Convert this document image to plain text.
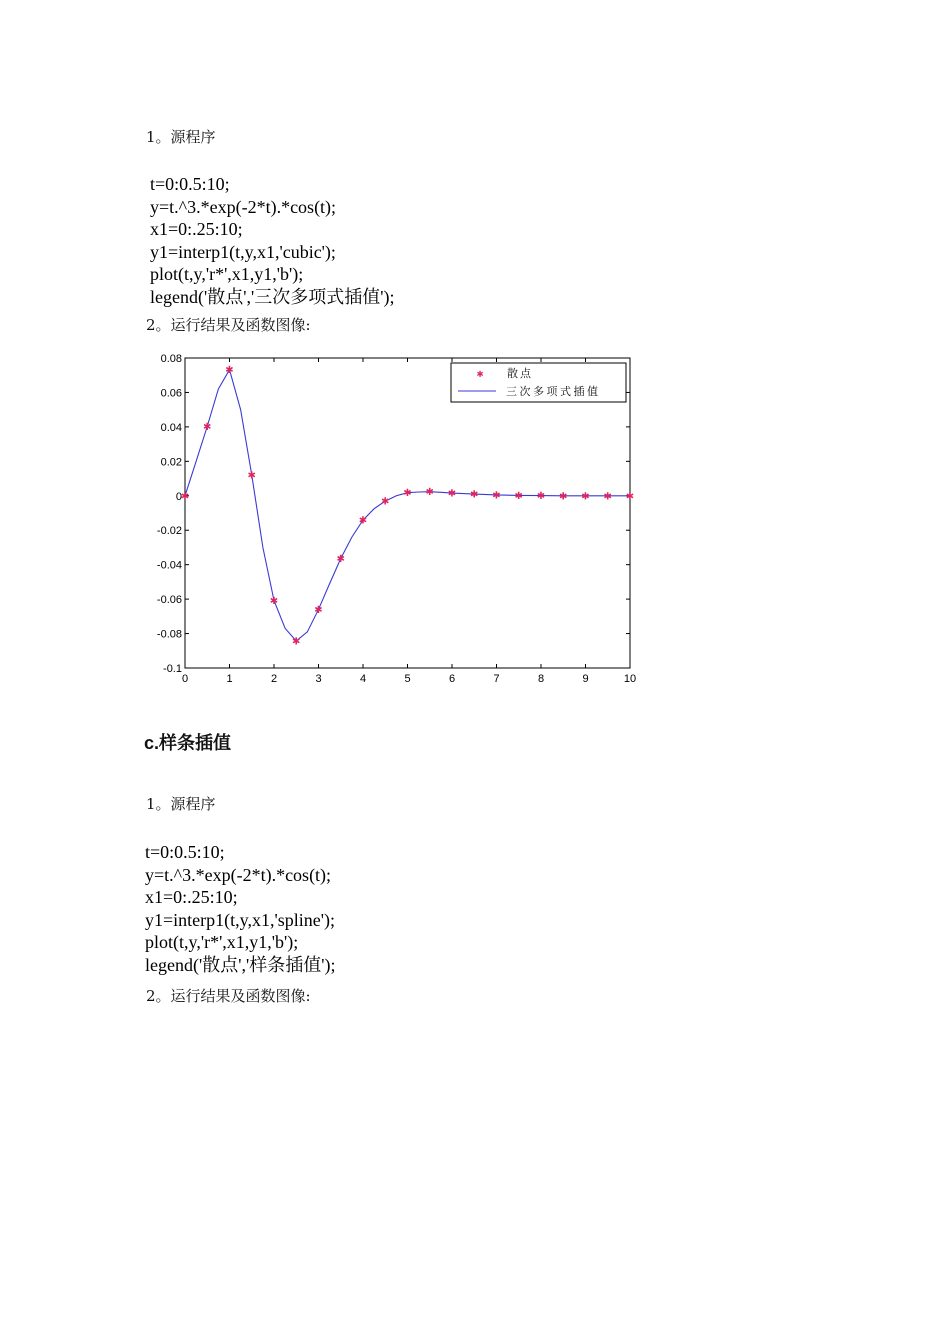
1。源程序
t=0:0.5:10;
y=t.^3.*exp(-2*t).*cos(t);
x1=0:.25:10;
y1=interp1(t,y,x1,'cubic');
plot(t,y,'r*',x1,y1,'b');
legend('散点','三次多项式插值');
2。运行结果及函数图像:
0	1	2	3	4	5	6	7	8	9	10
0.08
0.06
0.04
0.02
0
-0.02
-0.04
-0.06
-0.08
-0.1
✱
✱
✱
✱
✱
✱
✱
✱
✱
✱
✱ ✱ ✱ ✱ ✱ ✱ ✱ ✱ ✱ ✱ ✱
✱ 散点
三次多项式插值
c.样条插值
1。源程序
t=0:0.5:10;
y=t.^3.*exp(-2*t).*cos(t);
x1=0:.25:10;
y1=interp1(t,y,x1,'spline');
plot(t,y,'r*',x1,y1,'b');
legend('散点','样条插值');
2。运行结果及函数图像:
